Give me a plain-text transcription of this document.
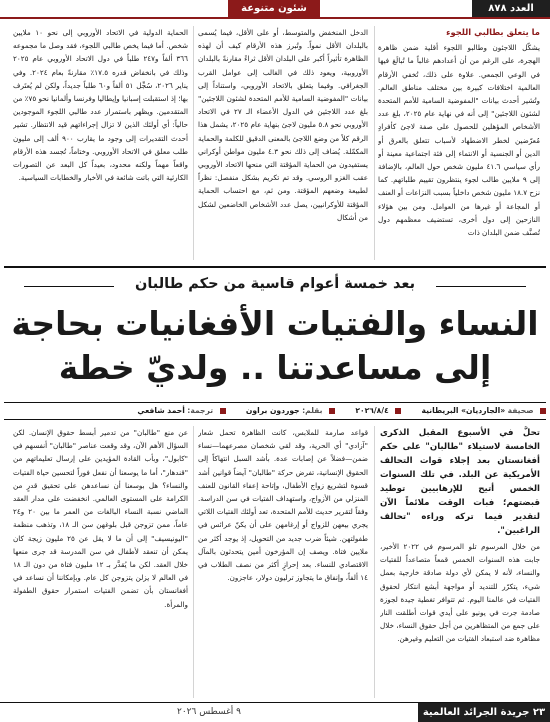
العدد ٨٧٨
شئون متنوعة
ما يتعلق بطالبي اللجوء

يشكّل اللاجئون وطالبو اللجوء أقلية ضمن ظاهرة الهجرة، على الرغم من أن أعدادهم غالباً ما تُبالَغ فيها في الوعي الجمعي. علاوة على ذلك، تُخفي الأرقام العالمية اختلافات كبيرة بين مختلف مناطق العالم. وتُشير أحدث بيانات "المفوضية السامية للأمم المتحدة لشئون اللاجئين" إلى أنه في نهاية عام ٢٠٢٥، بلغ عدد الأشخاص المؤهلين للحصول على صفة لاجئ كأفرادٍ مُعرّضين لخطر الاضطهاد لأسباب تتعلق بالعرق أو الدين أو الجنسية أو الانتماء إلى فئة اجتماعية معينة أو رأي سياسي ٤١.٦ مليون شخص حول العالم، بالإضافة إلى ٩ ملايين طالب لجوء ينتظرون تقييم طلباتهم. كما نزح ١٨.٧ مليون شخص داخلياً بسبب النزاعات أو العنف أو المجاعة أو غيرها من العوامل. ومن بين هؤلاء النازحين إلى دول أخرى، تستضيف معظمهم دول تُصنَّف ضمن البلدان ذات

الدخل المنخفض والمتوسط، أو على الأقل، فيما يُسمى بالبلدان الأقل نمواً. وتُبرز هذه الأرقام كيف أن لهذه الظاهرة تأثيراً أكبر على البلدان الأقل ثراءً مقارنةً بالبلدان الأوروبية، ويعود ذلك في الغالب إلى عوامل القرب الجغرافي. وفيما يتعلق بالاتحاد الأوروبي، واستناداً إلى بيانات "المفوضية السامية للأمم المتحدة لشئون اللاجئين" بلغ عدد اللاجئين في الدول الأعضاء الـ ٢٧ في الاتحاد الأوروبي نحو ٥.٨ مليون لاجئ بنهاية عام ٢٠٢٥، يشمل هذا الرقم كلاً من وضع اللاجئ بالمعنى الدقيق للكلمة والحماية المكمّلة. يُضاف إلى ذلك نحو ٤.٣ مليون مواطن أوكراني يستفيدون من الحماية المؤقتة التي منحها الاتحاد الأوروبي عقب الغزو الروسي. وقد تم تكريم بشكل منفصل: نظراً لطبيعة وضعهم المؤقتة. ومن ثم، مع احتساب الحماية المؤقتة للأوكرانيين، يصل عدد الأشخاص الخاضعين لشكل من أشكال

الحماية الدولية في الاتحاد الأوروبي إلى نحو ١٠ ملايين شخص. أما فيما يخص طالبي اللجوء، فقد وصل ما مجموعه ٣٦٦ ألفاً و٢٤٧ طلباً في دول الاتحاد الأوروبي عام ٢٠٢٥ وذلك في بانخفاض قدره ١٧.٥٪ مقارنةً بعام ٢٠٢٤. وفي يناير ٢٠٢٦، سُجِّل ٥١ ألفاً و٦٠ طلباً جديداً، ولكن لم يُعتَرف بها؛ إذ استقبلت إسبانيا وإيطاليا وفرنسا وألمانيا نحو ٧٥٪ من المتقدمين. ويظهر باستمرار عدد طالبي اللجوء الموجودين حالياً: أي أولئك الذين لا تزال إجراءاتهم قيد الانتظار. تشير أحدث التقديرات إلى وجود ما يقارب ٩٠٠ ألف إلى مليون طلب معلق في الاتحاد الأوروبي. وختاماً، تُجسد هذه الأرقام واقعاً مهماً ولكنه محدود، بعيداً كل البعد عن التصورات الكارثية التي باتت شائعة في الأخبار والخطابات السياسية.

بعد خمسة أعوام قاسية من حكم طالبان
النساء والفتيات الأفغانيات بحاجة
إلى مساعدتنا .. ولديّ خطة
صحيفة «الجارديان» البريطانية  ٢٠٢٦/٨/٤  بقلم: جوردون براون  ترجمة: أحمد شافعي

تحلُّ في الأسبوع المقبل الذكرى الخامسة لاستيلاء "طالبان" على حكم أفغانستان بعد إجلاء قوات التحالف الأمريكية عن البلد. في تلك السنوات الخمس أتيح للإرهابيين توطيد قبضتهم؛ فبات الوقت ملائماً الآن لتقدير فيما تركه وراءه "تحالف الراغبين".

من خلال المرسوم تلو المرسوم في ٢٠٢٢ الأخير، جابت هذه السنوات الخمس قمعاً متصاعداً للفتيات والنساء، لأنه لا يمكن لأي دولة صادقة خارجية بعمل شيء، يتكرّر للتنديد أو مواجهة أبشع انتكار لحقوق الفتيات في عالمنا اليوم. ثم تتوافر تغطية جيدة لجوزة صادمة جرت في يونيو على أيدي قوات أطلقت النار على جمع من المتظاهرين من أجل حقوق النساء، خلال مظاهرة ضد استبعاد الفتيات من التعليم وغيرهن.

قواعد صارمة للملابس، كانت الظاهرة تحمل شعار "آزادي" أي الحرية، وقد لقي شخصان مصرعهما—نساء ضمن—فضلاً عن إصابات عدة. بأشد السبل انتهاكاً إلى الحقوق الإنسانية، تفرض حركة "طالبان" آيضاً قوانين أشد قسوة لتشريع زواج الأطفال، وإتاحة إعفاء القانون للعنف المنزلي من الأزواج، واستهداف الفتيات في سن الدراسة. وفقاً لتقرير حديث للأمم المتحدة، تعد أولئك الفتيات اللاتي يجري بيعهن للزواج أو إرغامهن على أن يكنّ عرائس في طفولتهن. شيئاً ضرب جديد من التحويل، إذ يوجد أكثر من ملايين فتاة. ويصف إن المؤرخون أمين يتحدثون بالمآل الاقتصادي للنساء. بعد إحرازٍ أكثر من نصف الطلاب في ١٤ ألفاً، وإنفاق ما يتجاوز ترليون دولار، عاجزون.

عن منع "طالبان" من تدمير أبسط حقوق الإنسان. لكن السؤال الأهم الآن، وقد وقعت عناصر "طالبان" أنفسهم في "كابول"، وبأب القادة المؤيدين على إرسال تعليماتهم من "قندهار"، أما ما يوسعنا أن نفعل فوراً لتحسين حياة الفتيات والنساء؟ هل بوسعنا أن نساعدهن على تحقيق قدرٍ من الكرامة على المستوى العالمي. انخفضت على مدار العقد الماضي نسبة النساء البالغات من العمر ما بين ٢٠ و٢٤ عاماً، ممن تزوجن قبل بلوغهن سن الـ ١٨، وتذهب منظمة "اليونيسيف" إلى أن ما لا يقل عن ٢٥ مليون زيجة كان يمكن أن تنعقد لأطفال في سن المدرسة قد جرى منعها خلال العقد. لكن ما يُقدَّر بـ ١٢ مليون فتاة من دون الـ ١٨ في العالم لا يزلن يتزوجن كل عام. وبإمكاننا أن نساعد في أفغانستان بأن تضمن الفتيات استمرار حقوق الطفولة والمرأة.

٢٣ جريدة الجرائد العالمية
٩ أغسطس ٢٠٢٦
